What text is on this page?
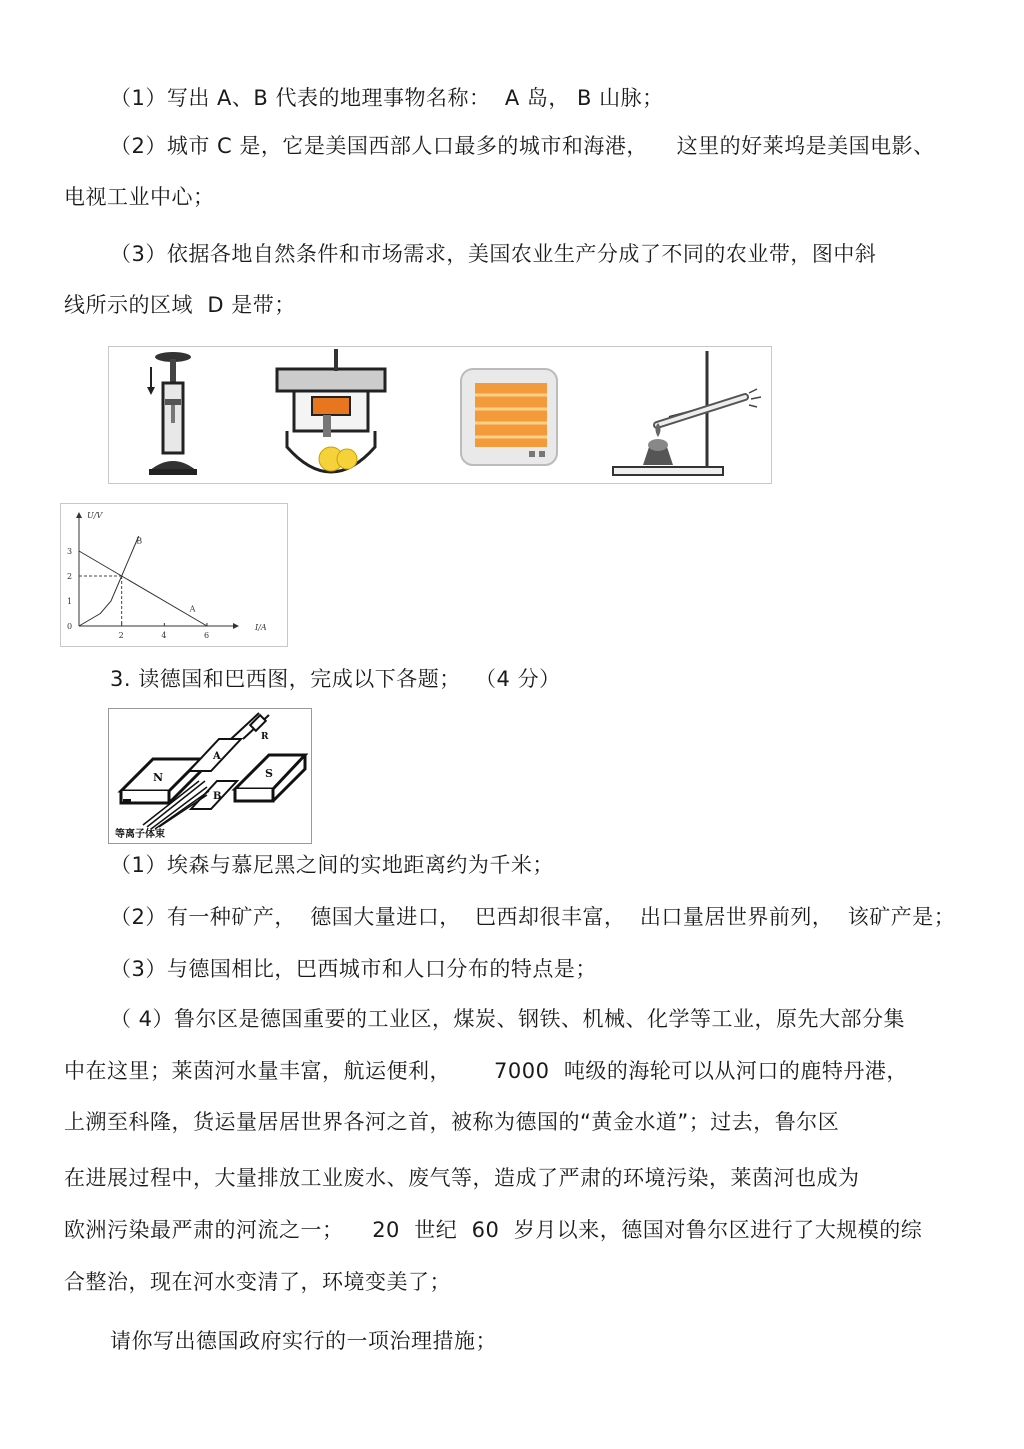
（1）写出 A、B 代表的地理事物名称：  A 岛， B 山脉；
（2）城市 C 是，它是美国西部人口最多的城市和海港，    这里的好莱坞是美国电影、
电视工业中心；
（3）依据各地自然条件和市场需求，美国农业生产分成了不同的农业带，图中斜
线所示的区域  D 是带；
U/V
I/A
0
1
2
3
2	4	6
A
B
3. 读德国和巴西图，完成以下各题；  （4 分）
N	S
A
B
R
等离子体束
（1）埃森与慕尼黑之间的实地距离约为千米；
（2）有一种矿产，  德国大量进口，  巴西却很丰富，  出口量居世界前列，  该矿产是；
（3）与德国相比，巴西城市和人口分布的特点是；
（ 4）鲁尔区是德国重要的工业区，煤炭、钢铁、机械、化学等工业，原先大部分集
中在这里；莱茵河水量丰富，航运便利，      7000  吨级的海轮可以从河口的鹿特丹港，
上溯至科隆，货运量居居世界各河之首，被称为德国的“黄金水道”；过去，鲁尔区
在进展过程中，大量排放工业废水、废气等，造成了严肃的环境污染，莱茵河也成为
欧洲污染最严肃的河流之一；    20  世纪  60  岁月以来，德国对鲁尔区进行了大规模的综
合整治，现在河水变清了，环境变美了；
请你写出德国政府实行的一项治理措施；
